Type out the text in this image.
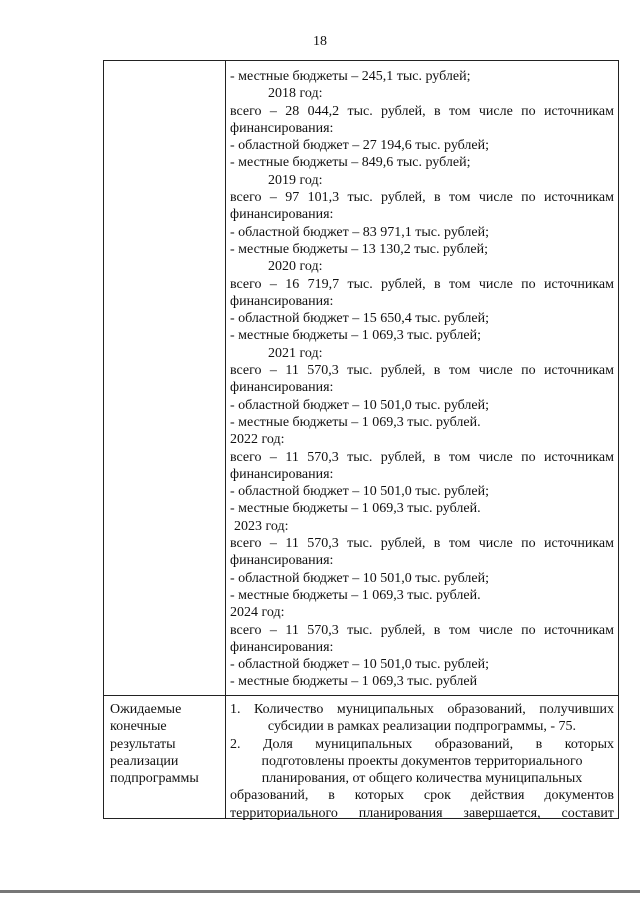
18
- местные бюджеты – 245,1 тыс. рублей;
2018 год:
всего – 28 044,2 тыс. рублей, в том числе по источникам
финансирования:
- областной бюджет – 27 194,6 тыс. рублей;
- местные бюджеты – 849,6 тыс. рублей;
2019 год:
всего – 97 101,3 тыс. рублей, в том числе по источникам
финансирования:
- областной бюджет – 83 971,1 тыс. рублей;
- местные бюджеты – 13 130,2 тыс. рублей;
2020 год:
всего – 16 719,7 тыс. рублей, в том числе по источникам
финансирования:
- областной бюджет – 15 650,4 тыс. рублей;
- местные бюджеты – 1 069,3 тыс. рублей;
2021 год:
всего – 11 570,3 тыс. рублей, в том числе по источникам
финансирования:
- областной бюджет – 10 501,0 тыс. рублей;
- местные бюджеты – 1 069,3 тыс. рублей.
2022 год:
всего – 11 570,3 тыс. рублей, в том числе по источникам
финансирования:
- областной бюджет – 10 501,0 тыс. рублей;
- местные бюджеты – 1 069,3 тыс. рублей.
2023 год:
всего – 11 570,3 тыс. рублей, в том числе по источникам
финансирования:
- областной бюджет – 10 501,0 тыс. рублей;
- местные бюджеты – 1 069,3 тыс. рублей.
2024 год:
всего – 11 570,3 тыс. рублей, в том числе по источникам
финансирования:
- областной бюджет – 10 501,0 тыс. рублей;
- местные бюджеты – 1 069,3 тыс. рублей
Ожидаемые
конечные
результаты
реализации
подпрограммы
1. Количество муниципальных образований, получивших
субсидии в рамках реализации подпрограммы, - 75.
2. Доля муниципальных образований, в которых
подготовлены проекты документов территориального
планирования, от общего количества муниципальных
образований, в которых срок действия документов
территориального планирования завершается, составит
